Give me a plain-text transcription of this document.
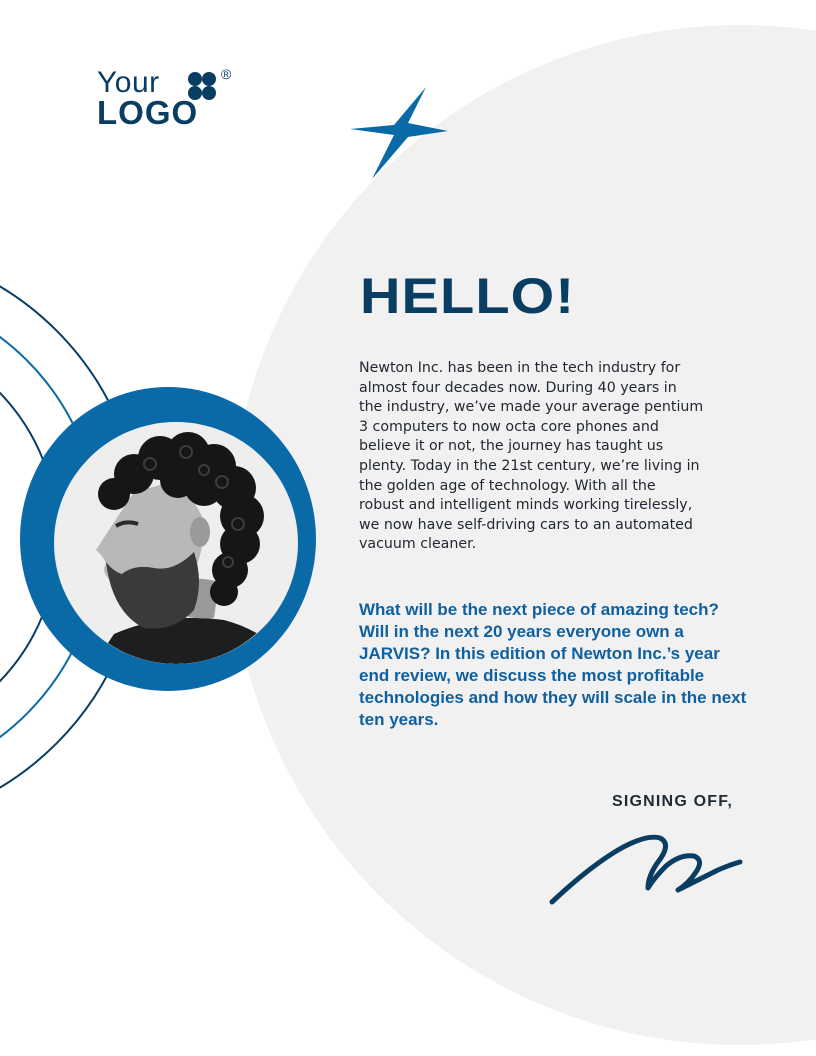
Your	®
LOGO
HELLO!

Newton Inc. has been in the tech industry for almost four decades now. During 40 years in the industry, we’ve made your average pentium 3 computers to now octa core phones and believe it or not, the journey has taught us plenty. Today in the 21st century, we’re living in the golden age of technology. With all the robust and intelligent minds working tirelessly, we now have self-driving cars to an automated vacuum cleaner.

What will be the next piece of amazing tech? Will in the next 20 years everyone own a JARVIS? In this edition of Newton Inc.’s year end review, we discuss the most profitable technologies and how they will scale in the next ten years.

SIGNING OFF,
